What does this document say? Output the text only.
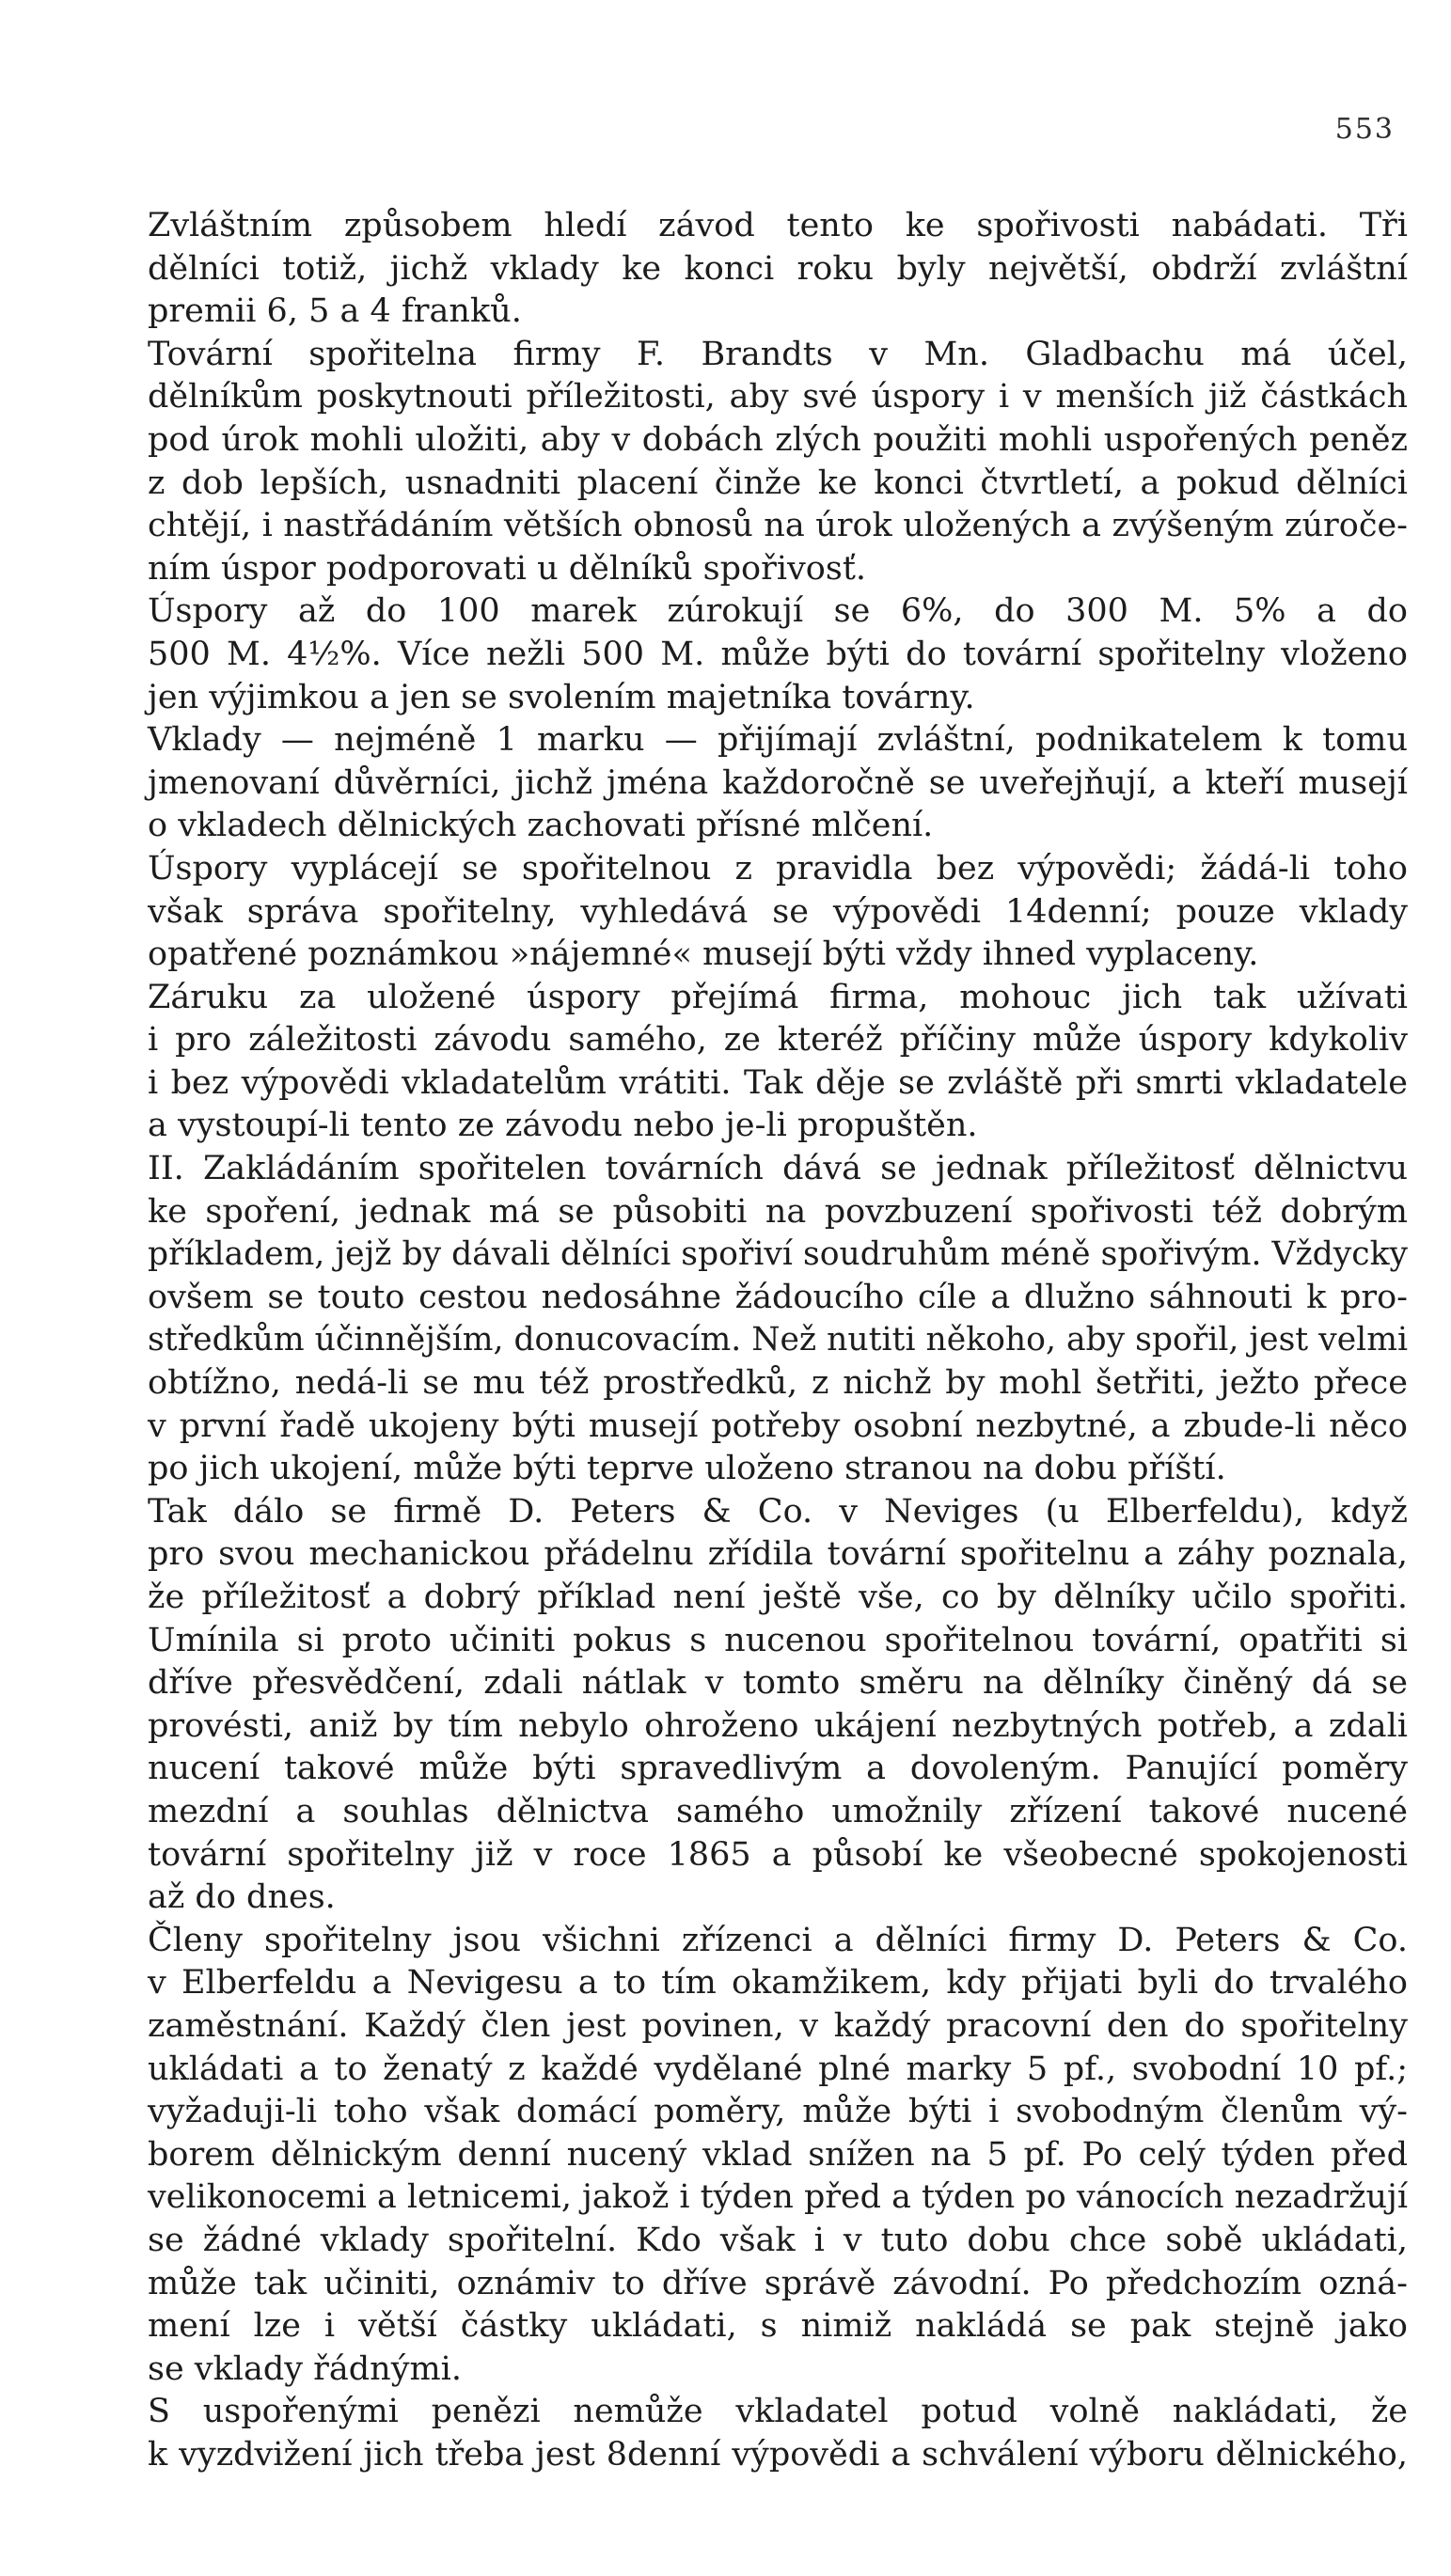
553
Zvláštním způsobem hledí závod tento ke spořivosti nabádati. Tři
dělníci totiž, jichž vklady ke konci roku byly největší, obdrží zvláštní
premii 6, 5 a 4 franků.
Tovární spořitelna firmy F. Brandts v Mn. Gladbachu má účel,
dělníkům poskytnouti příležitosti, aby své úspory i v menších již částkách
pod úrok mohli uložiti, aby v dobách zlých použiti mohli uspořených peněz
z dob lepších, usnadniti placení činže ke konci čtvrtletí, a pokud dělníci
chtějí, i nastřádáním větších obnosů na úrok uložených a zvýšeným zúroče-
ním úspor podporovati u dělníků spořivosť.
Úspory až do 100 marek zúrokují se 6%, do 300 M. 5% a do
500 M. 4½%. Více nežli 500 M. může býti do tovární spořitelny vloženo
jen výjimkou a jen se svolením majetníka továrny.
Vklady — nejméně 1 marku — přijímají zvláštní, podnikatelem k tomu
jmenovaní důvěrníci, jichž jména každoročně se uveřejňují, a kteří musejí
o vkladech dělnických zachovati přísné mlčení.
Úspory vyplácejí se spořitelnou z pravidla bez výpovědi; žádá-li toho
však správa spořitelny, vyhledává se výpovědi 14denní; pouze vklady
opatřené poznámkou »nájemné« musejí býti vždy ihned vyplaceny.
Záruku za uložené úspory přejímá firma, mohouc jich tak užívati
i pro záležitosti závodu samého, ze kteréž příčiny může úspory kdykoliv
i bez výpovědi vkladatelům vrátiti. Tak děje se zvláště při smrti vkladatele
a vystoupí-li tento ze závodu nebo je-li propuštěn.
II. Zakládáním spořitelen továrních dává se jednak příležitosť dělnictvu
ke spoření, jednak má se působiti na povzbuzení spořivosti též dobrým
příkladem, jejž by dávali dělníci spořiví soudruhům méně spořivým. Vždycky
ovšem se touto cestou nedosáhne žádoucího cíle a dlužno sáhnouti k pro-
středkům účinnějším, donucovacím. Než nutiti někoho, aby spořil, jest velmi
obtížno, nedá-li se mu též prostředků, z nichž by mohl šetřiti, ježto přece
v první řadě ukojeny býti musejí potřeby osobní nezbytné, a zbude-li něco
po jich ukojení, může býti teprve uloženo stranou na dobu příští.
Tak dálo se firmě D. Peters & Co. v Neviges (u Elberfeldu), když
pro svou mechanickou přádelnu zřídila tovární spořitelnu a záhy poznala,
že příležitosť a dobrý příklad není ještě vše, co by dělníky učilo spořiti.
Umínila si proto učiniti pokus s nucenou spořitelnou tovární, opatřiti si
dříve přesvědčení, zdali nátlak v tomto směru na dělníky činěný dá se
provésti, aniž by tím nebylo ohroženo ukájení nezbytných potřeb, a zdali
nucení takové může býti spravedlivým a dovoleným. Panující poměry
mezdní a souhlas dělnictva samého umožnily zřízení takové nucené
tovární spořitelny již v roce 1865 a působí ke všeobecné spokojenosti
až do dnes.
Členy spořitelny jsou všichni zřízenci a dělníci firmy D. Peters & Co.
v Elberfeldu a Nevigesu a to tím okamžikem, kdy přijati byli do trvalého
zaměstnání. Každý člen jest povinen, v každý pracovní den do spořitelny
ukládati a to ženatý z každé vydělané plné marky 5 pf., svobodní 10 pf.;
vyžaduji-li toho však domácí poměry, může býti i svobodným členům vý-
borem dělnickým denní nucený vklad snížen na 5 pf. Po celý týden před
velikonocemi a letnicemi, jakož i týden před a týden po vánocích nezadržují
se žádné vklady spořitelní. Kdo však i v tuto dobu chce sobě ukládati,
může tak učiniti, oznámiv to dříve správě závodní. Po předchozím ozná-
mení lze i větší částky ukládati, s nimiž nakládá se pak stejně jako
se vklady řádnými.
S uspořenými penězi nemůže vkladatel potud volně nakládati, že
k vyzdvižení jich třeba jest 8denní výpovědi a schválení výboru dělnického,
